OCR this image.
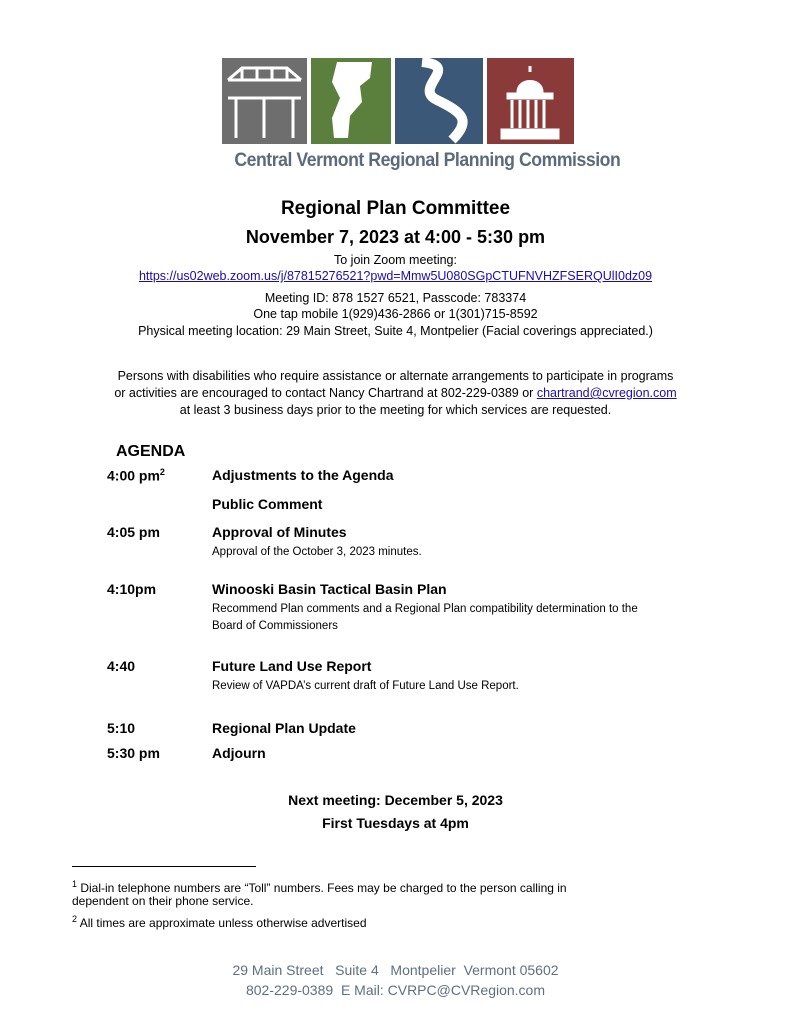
Central Vermont Regional Planning Commission
Regional Plan Committee
November 7, 2023 at 4:00 - 5:30 pm
To join Zoom meeting:
https://us02web.zoom.us/j/87815276521?pwd=Mmw5U080SGpCTUFNVHZFSERQUlI0dz09
Meeting ID: 878 1527 6521, Passcode: 783374
One tap mobile 1(929)436-2866 or 1(301)715-8592
Physical meeting location: 29 Main Street, Suite 4, Montpelier (Facial coverings appreciated.)
Persons with disabilities who require assistance or alternate arrangements to participate in programs
or activities are encouraged to contact Nancy Chartrand at 802-229-0389 or chartrand@cvregion.com
at least 3 business days prior to the meeting for which services are requested.
AGENDA
4:00 $pm^2$	Adjustments to the Agenda
Public Comment
4:05 pm	Approval of Minutes
Approval of the October 3, 2023 minutes.
4:10pm	Winooski Basin Tactical Basin Plan
Recommend Plan comments and a Regional Plan compatibility determination to the Board of Commissioners
4:40	Future Land Use Report
Review of VAPDA’s current draft of Future Land Use Report.
5:10	Regional Plan Update
5:30 pm	Adjourn
Next meeting: December 5, 2023
First Tuesdays at 4pm
$^1$ Dial-in telephone numbers are “Toll” numbers. Fees may be charged to the person calling in
dependent on their phone service.
$^2$ All times are approximate unless otherwise advertised
29 Main Street   Suite 4   Montpelier  Vermont 05602
802-229-0389  E Mail: CVRPC@CVRegion.com
